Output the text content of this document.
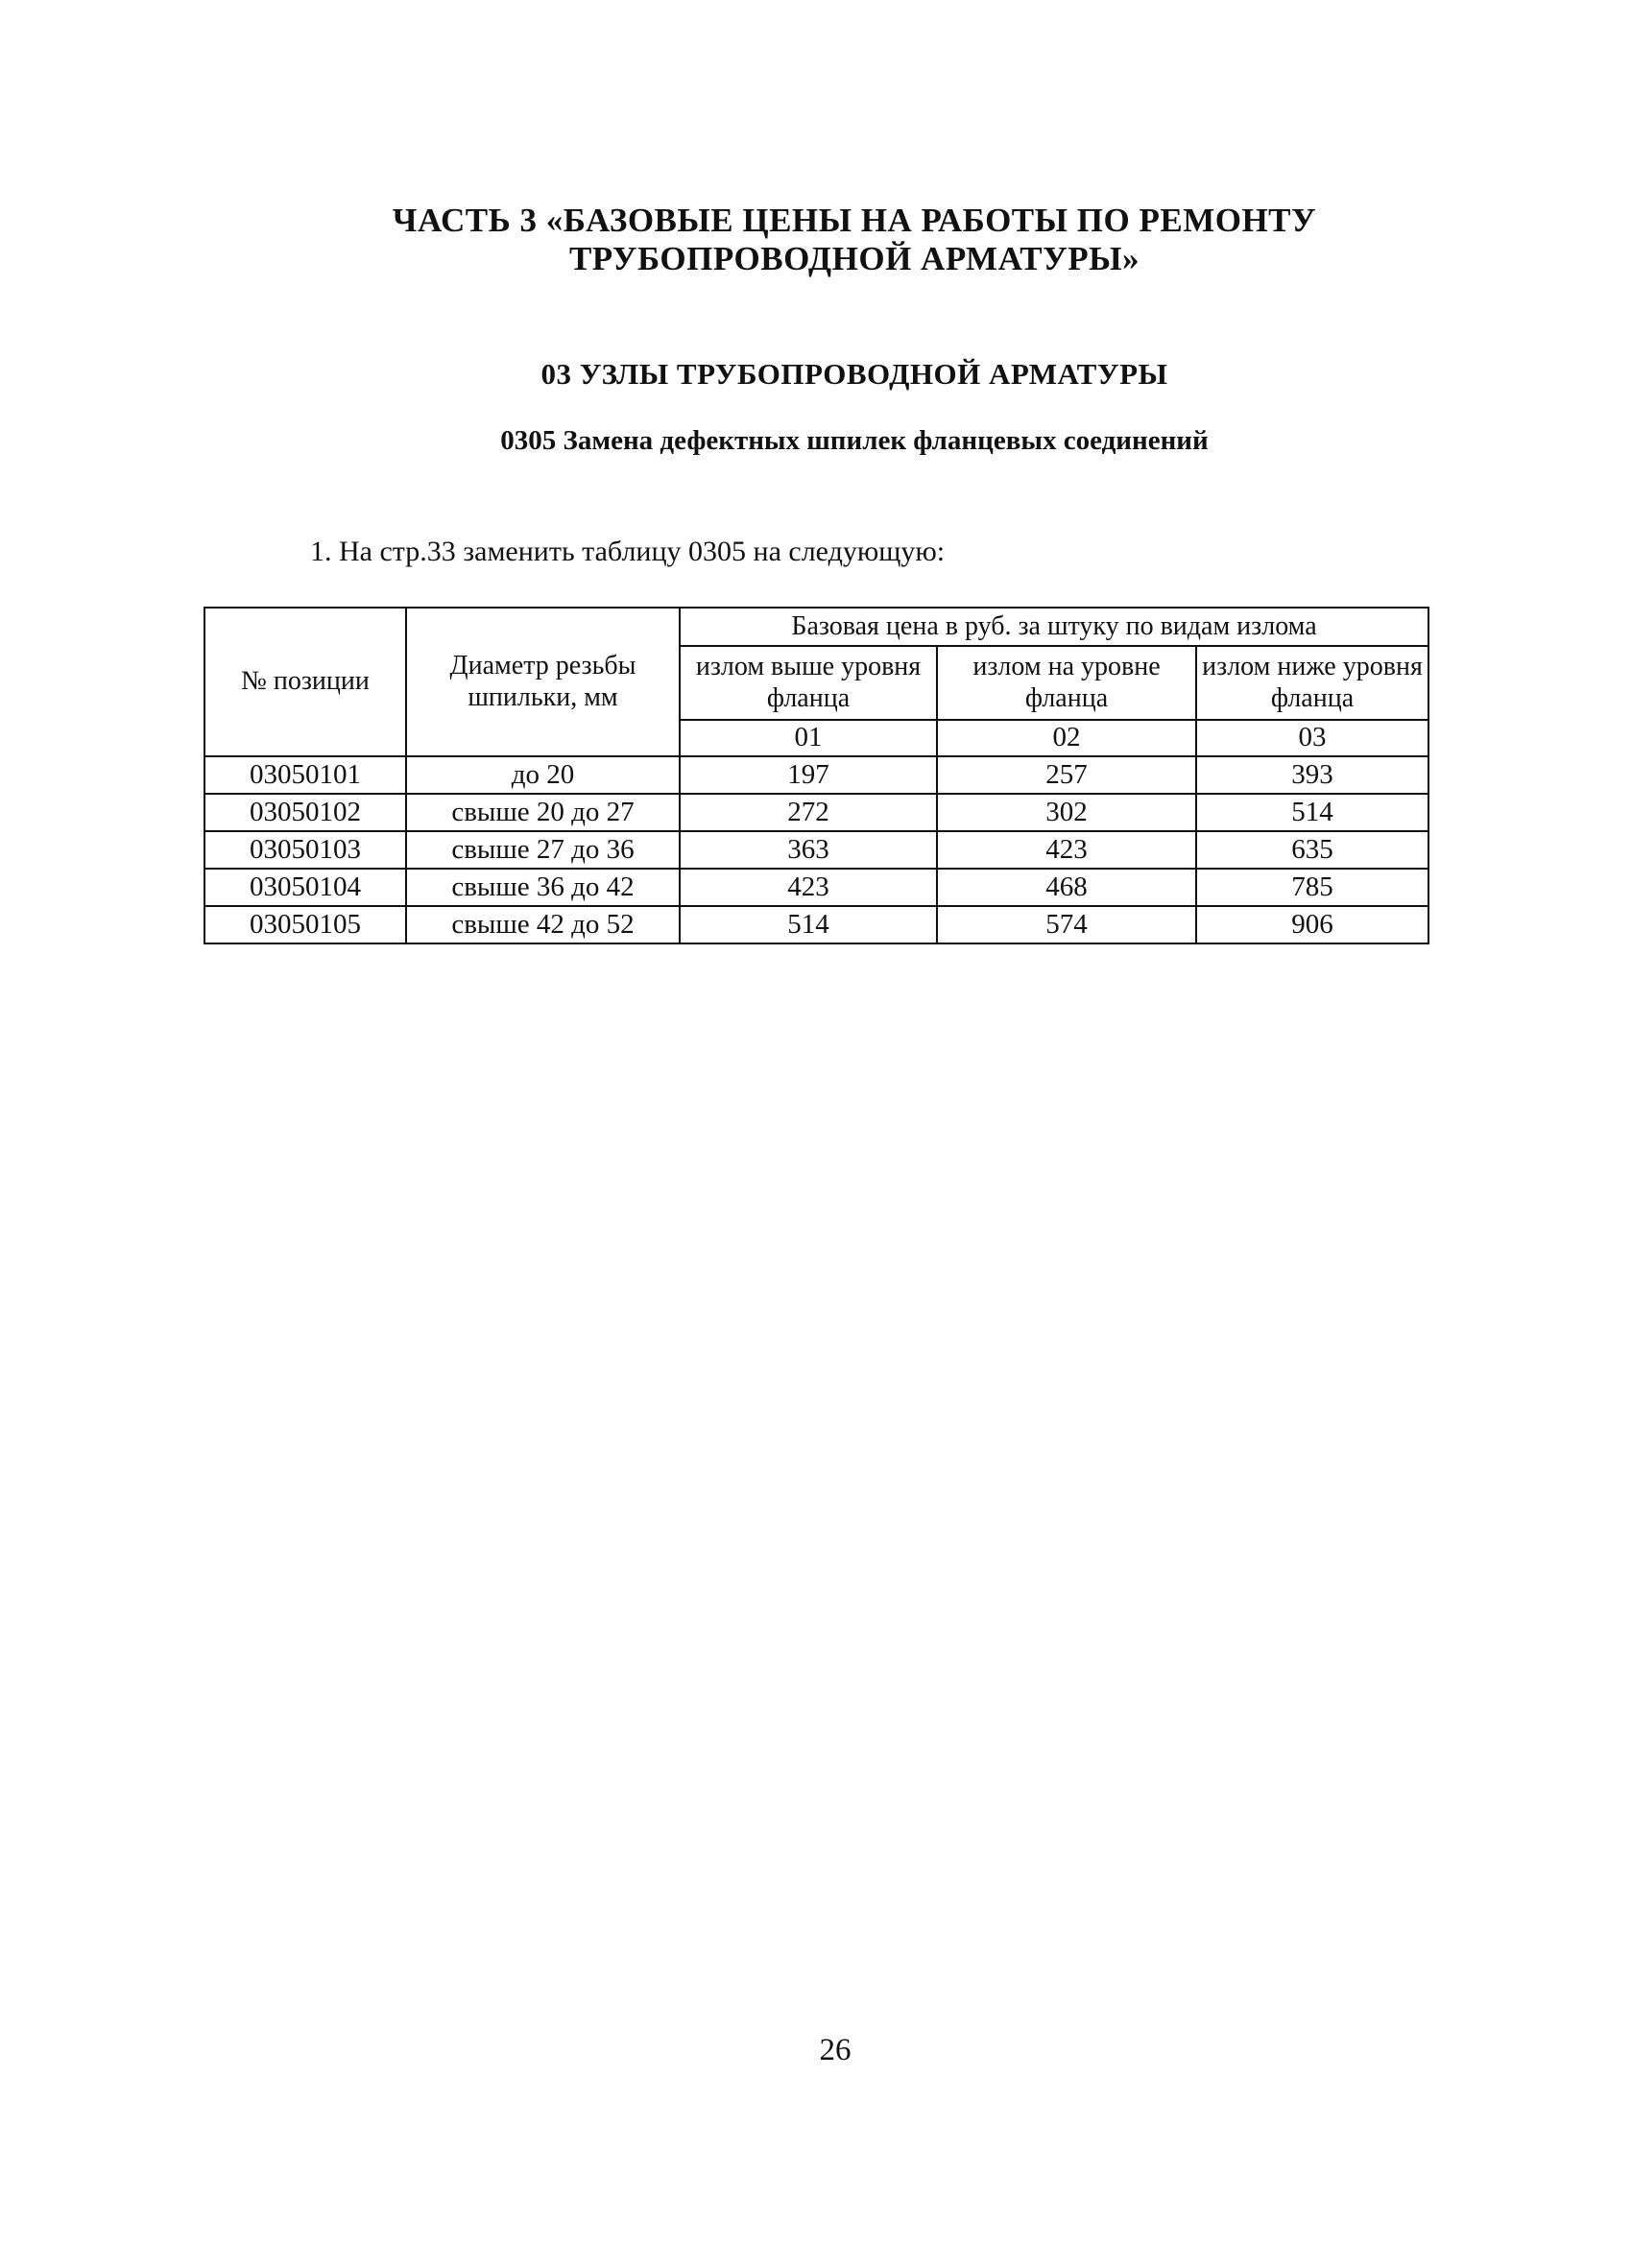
ЧАСТЬ 3 «БАЗОВЫЕ ЦЕНЫ НА РАБОТЫ ПО РЕМОНТУ
ТРУБОПРОВОДНОЙ АРМАТУРЫ»
03 УЗЛЫ ТРУБОПРОВОДНОЙ АРМАТУРЫ
0305 Замена дефектных шпилек фланцевых соединений

1. На стр.33 заменить таблицу 0305 на следующую:

№ позиции	Диаметр резьбы шпильки, мм	Базовая цена в руб. за штуку по видам излома		
		излом выше уровня фланца	излом на уровне фланца	излом ниже уровня фланца
		01	02	03
03050101	до 20	197	257	393
03050102	свыше 20 до 27	272	302	514
03050103	свыше 27 до 36	363	423	635
03050104	свыше 36 до 42	423	468	785
03050105	свыше 42 до 52	514	574	906

26
